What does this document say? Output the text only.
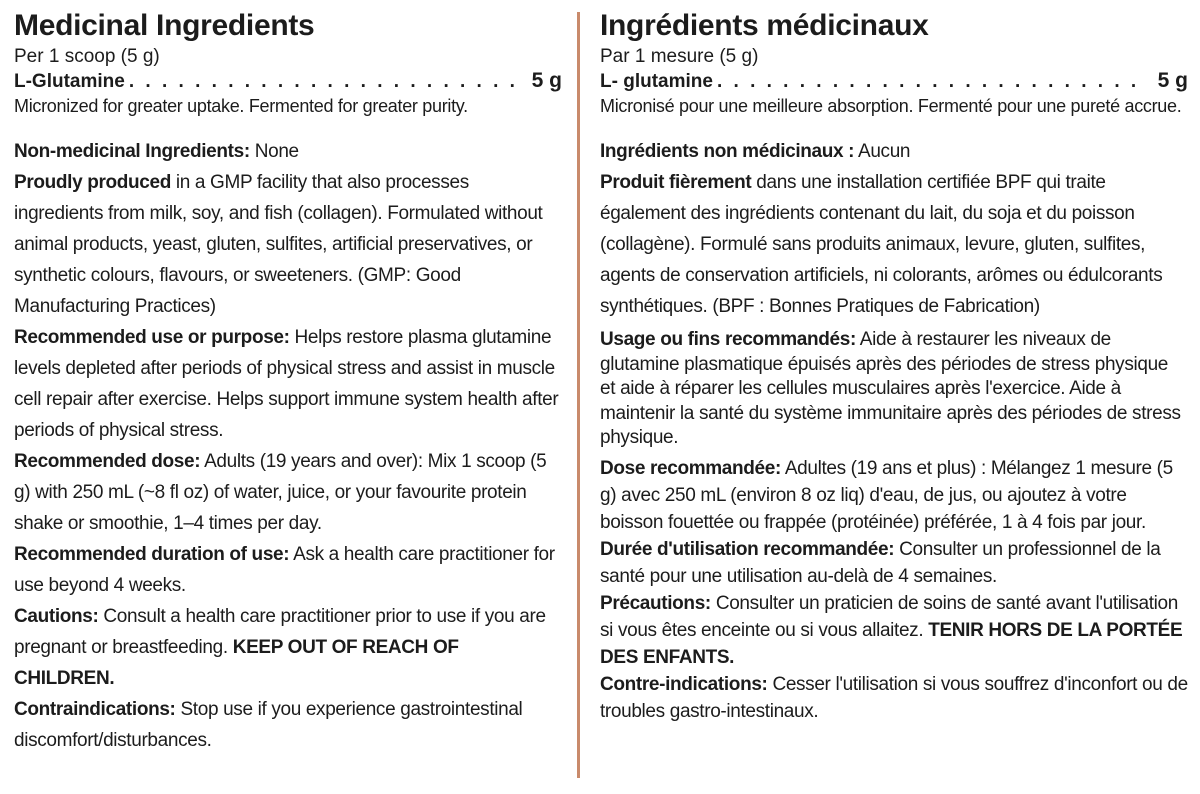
Medicinal Ingredients
Per 1 scoop (5 g)
L-Glutamine . . .	5 g
Micronized for greater uptake. Fermented for greater purity.
Non-medicinal Ingredients: None
Proudly produced in a GMP facility that also processes ingredients from milk, soy, and fish (collagen). Formulated without animal products, yeast, gluten, sulfites, artificial preservatives, or synthetic colours, flavours, or sweeteners. (GMP: Good Manufacturing Practices)
Recommended use or purpose: Helps restore plasma glutamine levels depleted after periods of physical stress and assist in muscle cell repair after exercise. Helps support immune system health after periods of physical stress.
Recommended dose: Adults (19 years and over): Mix 1 scoop (5 g) with 250 mL (~8 fl oz) of water, juice, or your favourite protein shake or smoothie, 1–4 times per day.
Recommended duration of use: Ask a health care practitioner for use beyond 4 weeks.
Cautions: Consult a health care practitioner prior to use if you are pregnant or breastfeeding. KEEP OUT OF REACH OF CHILDREN.
Contraindications: Stop use if you experience gastrointestinal discomfort/disturbances.
Ingrédients médicinaux
Par 1 mesure (5 g)
L- glutamine . . .	5 g
Micronisé pour une meilleure absorption. Fermenté pour une pureté accrue.
Ingrédients non médicinaux : Aucun
Produit fièrement dans une installation certifiée BPF qui traite également des ingrédients contenant du lait, du soja et du poisson (collagène). Formulé sans produits animaux, levure, gluten, sulfites, agents de conservation artificiels, ni colorants, arômes ou édulcorants synthétiques. (BPF : Bonnes Pratiques de Fabrication)
Usage ou fins recommandés: Aide à restaurer les niveaux de glutamine plasmatique épuisés après des périodes de stress physique et aide à réparer les cellules musculaires après l'exercice. Aide à maintenir la santé du système immunitaire après des périodes de stress physique.
Dose recommandée: Adultes (19 ans et plus) : Mélangez 1 mesure (5 g) avec 250 mL (environ 8 oz liq) d'eau, de jus, ou ajoutez à votre boisson fouettée ou frappée (protéinée) préférée, 1 à 4 fois par jour.
Durée d'utilisation recommandée: Consulter un professionnel de la santé pour une utilisation au-delà de 4 semaines.
Précautions: Consulter un praticien de soins de santé avant l'utilisation si vous êtes enceinte ou si vous allaitez. TENIR HORS DE LA PORTÉE DES ENFANTS.
Contre-indications: Cesser l'utilisation si vous souffrez d'inconfort ou de troubles gastro-intestinaux.
